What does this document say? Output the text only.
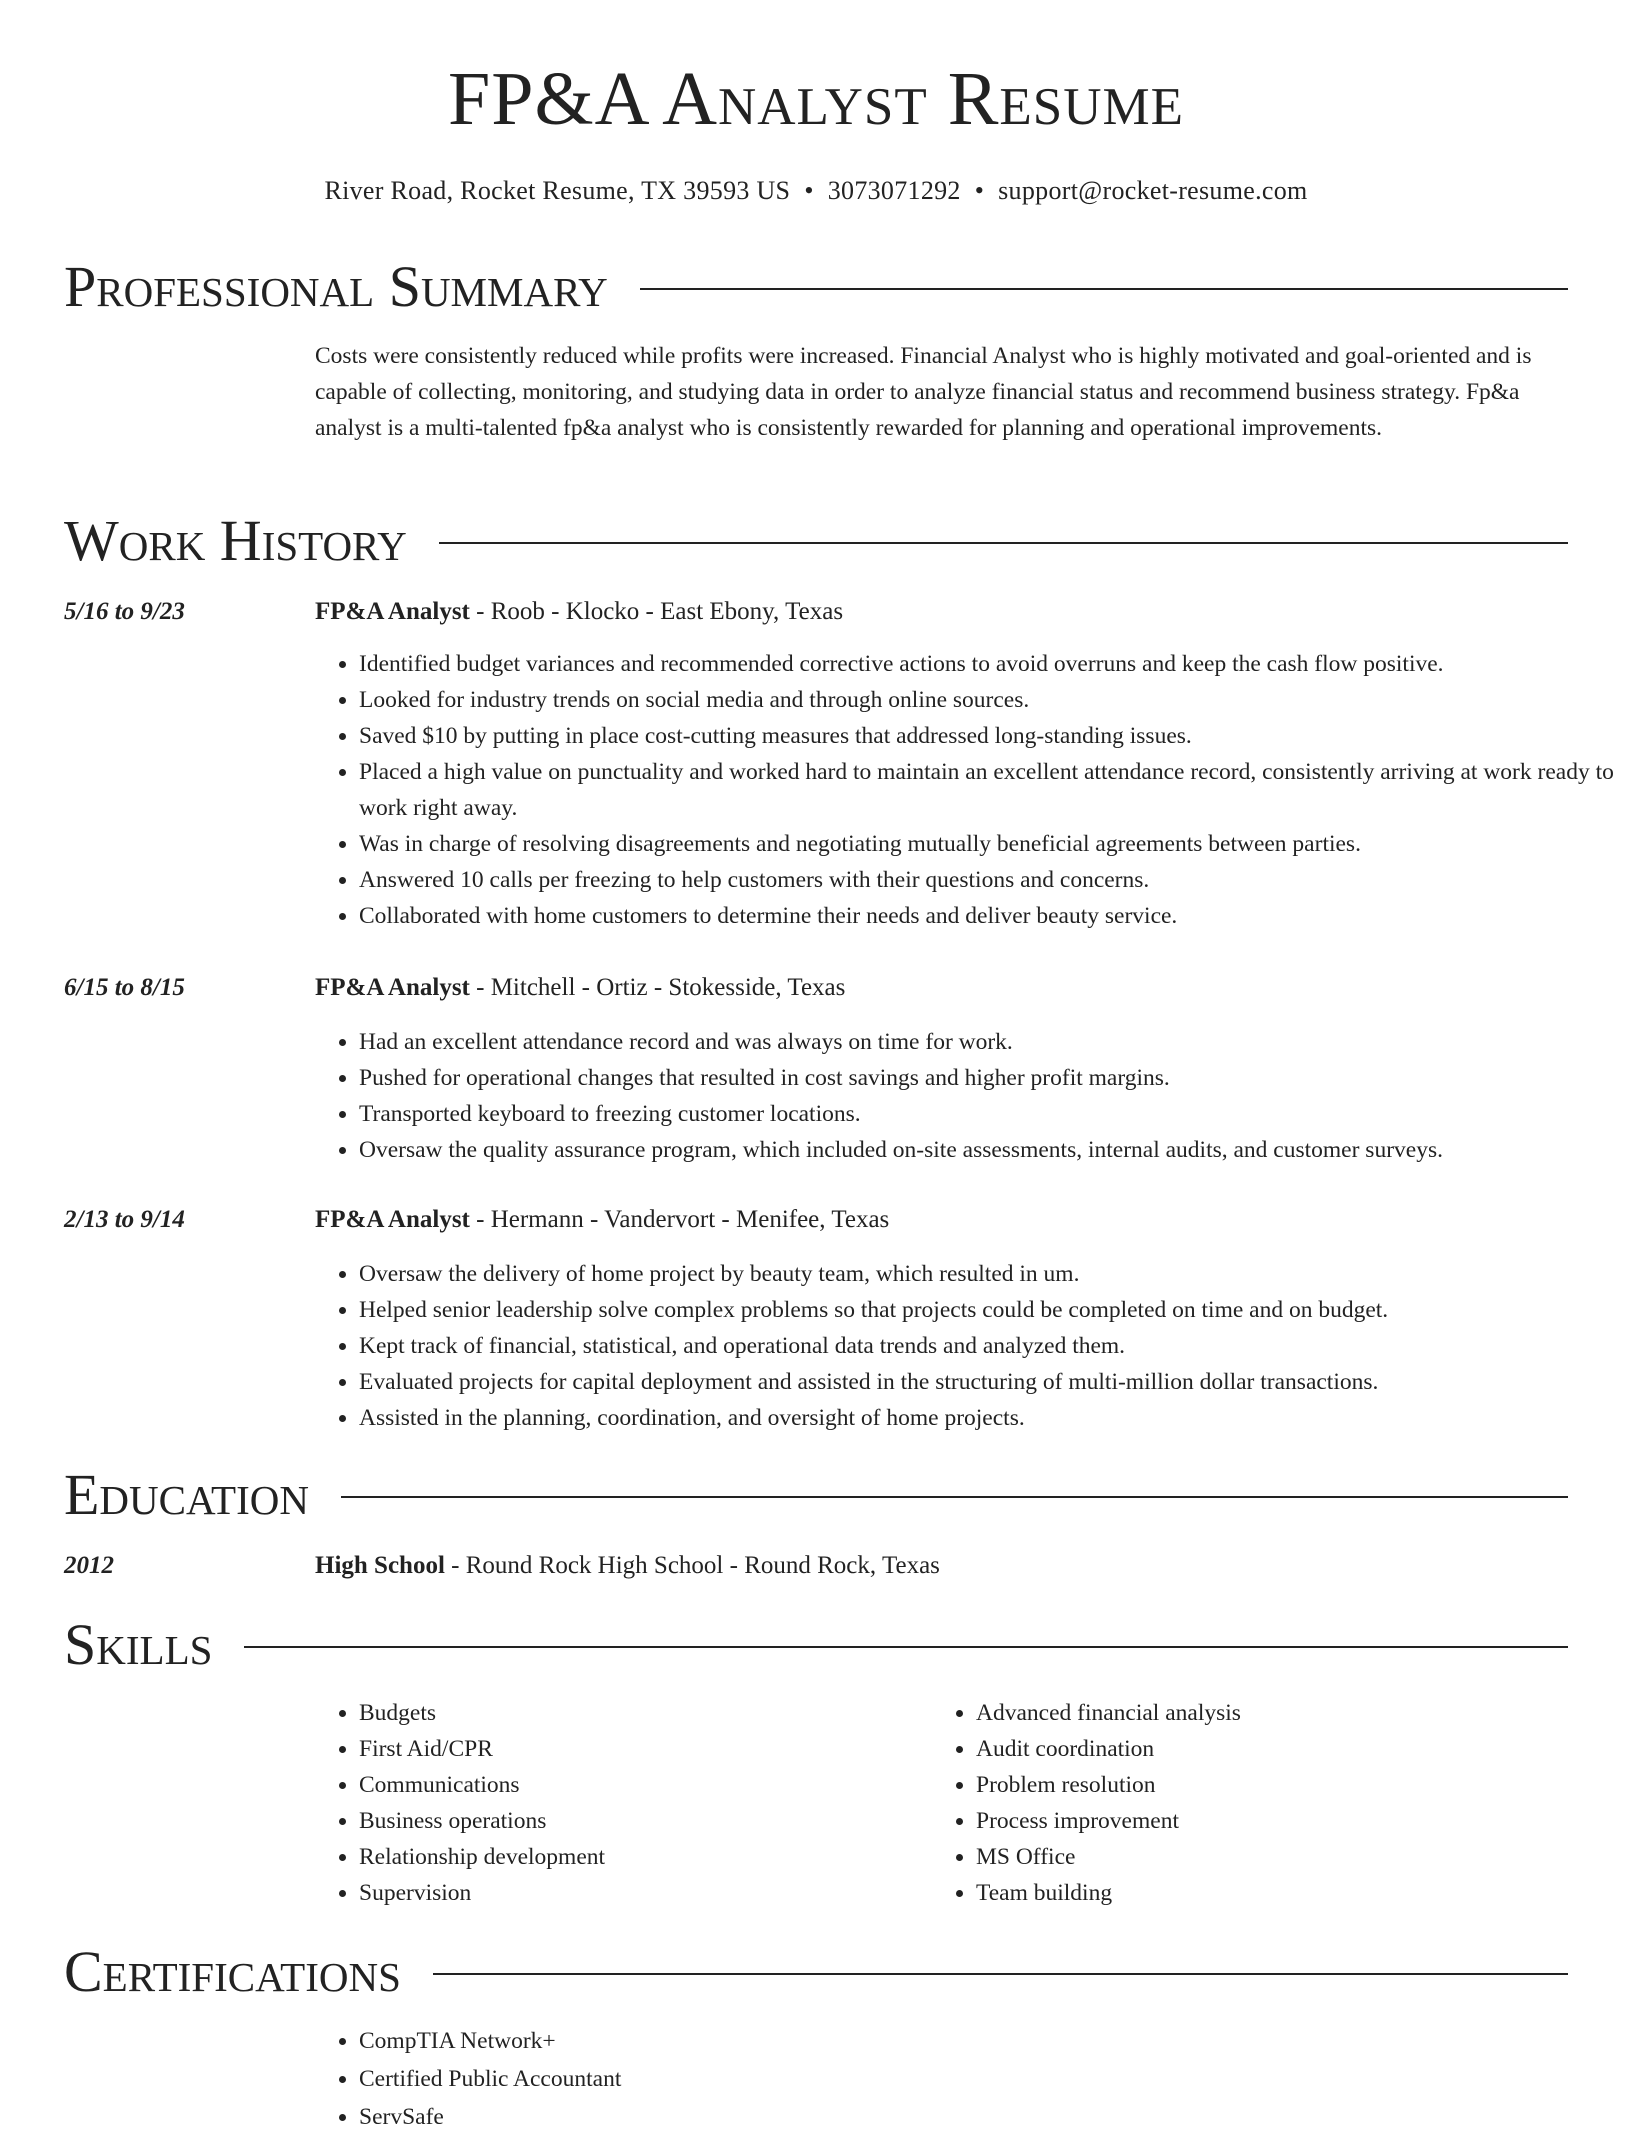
FP&A Analyst Resume
River Road, Rocket Resume, TX 39593 US • 3073071292 • support@rocket-resume.com
Professional Summary

Costs were consistently reduced while profits were increased. Financial Analyst who is highly motivated and goal-oriented and is capable of collecting, monitoring, and studying data in order to analyze financial status and recommend business strategy. Fp&a analyst is a multi-talented fp&a analyst who is consistently rewarded for planning and operational improvements.

Work History
5/16 to 9/23	FP&A Analyst - Roob - Klocko - East Ebony, Texas
• Identified budget variances and recommended corrective actions to avoid overruns and keep the cash flow positive.
• Looked for industry trends on social media and through online sources.
• Saved $10 by putting in place cost-cutting measures that addressed long-standing issues.
• Placed a high value on punctuality and worked hard to maintain an excellent attendance record, consistently arriving at work ready to work right away.
• Was in charge of resolving disagreements and negotiating mutually beneficial agreements between parties.
• Answered 10 calls per freezing to help customers with their questions and concerns.
• Collaborated with home customers to determine their needs and deliver beauty service.
6/15 to 8/15	FP&A Analyst - Mitchell - Ortiz - Stokesside, Texas
• Had an excellent attendance record and was always on time for work.
• Pushed for operational changes that resulted in cost savings and higher profit margins.
• Transported keyboard to freezing customer locations.
• Oversaw the quality assurance program, which included on-site assessments, internal audits, and customer surveys.
2/13 to 9/14	FP&A Analyst - Hermann - Vandervort - Menifee, Texas
• Oversaw the delivery of home project by beauty team, which resulted in um.
• Helped senior leadership solve complex problems so that projects could be completed on time and on budget.
• Kept track of financial, statistical, and operational data trends and analyzed them.
• Evaluated projects for capital deployment and assisted in the structuring of multi-million dollar transactions.
• Assisted in the planning, coordination, and oversight of home projects.
Education
2012	High School - Round Rock High School - Round Rock, Texas
Skills
• Budgets
• First Aid/CPR
• Communications
• Business operations
• Relationship development
• Supervision
• Advanced financial analysis
• Audit coordination
• Problem resolution
• Process improvement
• MS Office
• Team building
Certifications
• CompTIA Network+
• Certified Public Accountant
• ServSafe
